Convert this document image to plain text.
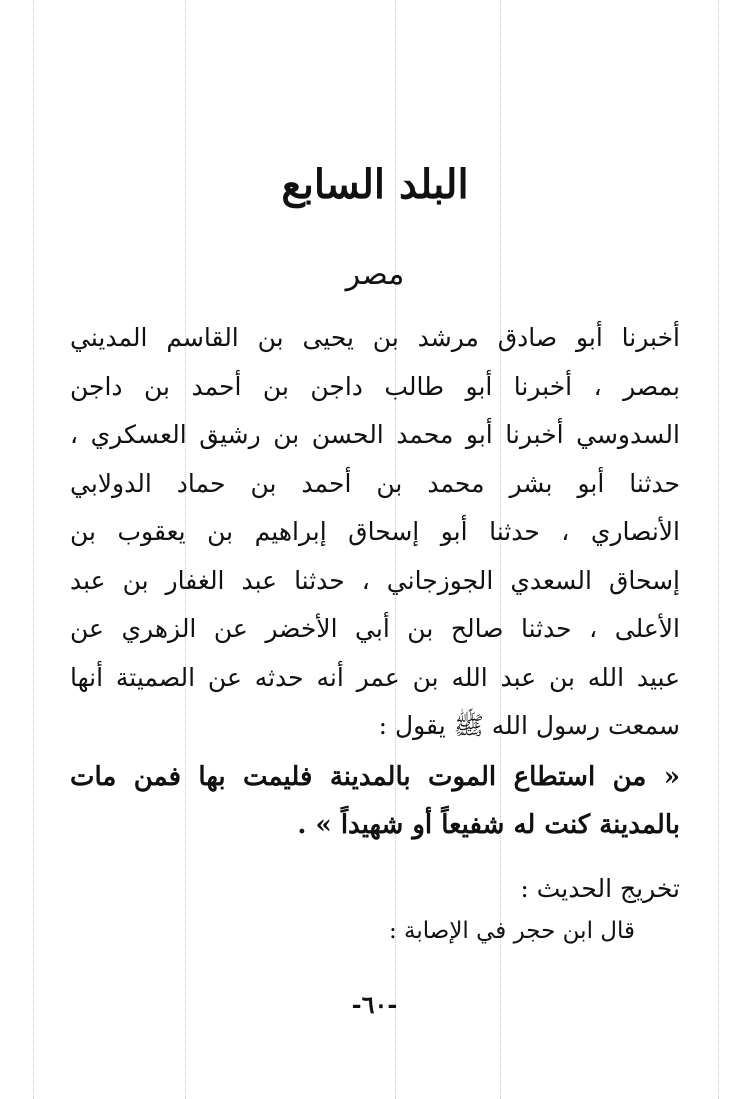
البلد السابع
مصر
أخبرنا أبو صادق مرشد بن يحيى بن القاسم المديني
بمصر ، أخبرنا أبو طالب داجن بن أحمد بن داجن
السدوسي أخبرنا أبو محمد الحسن بن رشيق العسكري ،
حدثنا أبو بشر محمد بن أحمد بن حماد الدولابي
الأنصاري ، حدثنا أبو إسحاق إبراهيم بن يعقوب بن
إسحاق السعدي الجوزجاني ، حدثنا عبد الغفار بن عبد
الأعلى ، حدثنا صالح بن أبي الأخضر عن الزهري عن
عبيد الله بن عبد الله بن عمر أنه حدثه عن الصميتة أنها
سمعت رسول الله ﷺ يقول :
« من استطاع الموت بالمدينة فليمت بها فمن مات
بالمدينة كنت له شفيعاً أو شهيداً » .
تخريج الحديث :
قال ابن حجر في الإصابة :
-٦٠-
